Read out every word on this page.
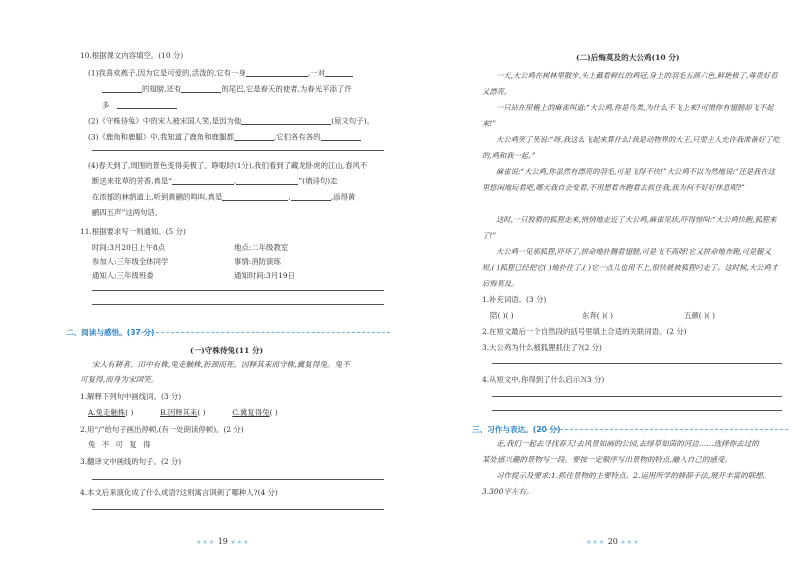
10.根据课文内容填空。(10 分)
(1)我喜欢燕子,因为它是可爱的,活泼的,它有一身	,一对
的翅膀,还有	的尾巴,它是春天的使者,为春光平添了许
多
(2)《守株待兔》中的宋人被宋国人笑,是因为他	(原文句子)。
(3)《鹿角和鹿腿》中,我知道了鹿角和鹿腿都	,它们各有各的
(4)春天到了,周围的景色变得美极了。睁眼时(1分),我们看到了藏龙卧虎的江山,春风不
断送来花草的芳香,真是“	,	”(填诗句)走
在浓郁的林荫道上,听到黄鹂的鸣叫,真是	,	,添得黄
鹂四五声”这两句话。
11.根据要求写一则通知。(5 分)
时间:3月20日上午8点	地点:二年级教室
参加人:三年级全体同学	事情:消防演练
通知人:三年级班委	通知时间:3月19日
二、阅读与感悟。(37 分)
(一)守株待兔(11 分)
宋人有耕者。田中有株,兔走触株,折颈而死。因释其耒而守株,冀复得兔。兔不
可复得,而身为宋国笑。
1.解释下列句中画线词。(3 分)
A.兔走触株( )	B.因释其耒( )	C.冀复得兔( )
2.用“/”给句子画出停顿,(有一处朗读停顿)。(2 分)
兔 不 可 复 得
3.翻译文中画线的句子。(2 分)
4.本文后来演化成了什么成语?这则寓言讽刺了哪种人?(4 分)
★★★ 19 ★★★
(二)后悔莫及的大公鸡(10 分)
一天,大公鸡在树林里散步,头上戴着鲜红的鸡冠,身上的羽毛五颜六色,鲜艳极了,尊贵好看又漂亮。
一只站在屋檐上的麻雀叫道:“大公鸡,你是鸟类,为什么不飞上来?可惜你有翅膀却飞不起来!”
大公鸡笑了笑说:“呀,我这么飞起来算什么!我是动物界的大王,只要主人允许我准备好了吃的,鸡和我一起。”
麻雀说:“大公鸡,你虽然有漂亮的羽毛,可是飞得不快!”大公鸡不以为然地说:“还是我在这里悠闲地玩着吧,哪天我自会变着,不用想着奔跑着去抓住我,我为何不好好休息呢?”
这时,一只狡猾的狐狸走来,悄悄地走近了大公鸡,麻雀见状,吓得惊叫:“大公鸡快跑,狐狸来了!”
大公鸡一见那狐狸,吓坏了,拼命地扑腾着翅膀,可是飞不高呀!它又拼命地奔跑,可是腿又短,( )狐狸已经把它( )地扑住了,( )它一点儿也用不上,很快就被狐狸叼走了。这时候,大公鸡才后悔莫及。
1.补充词语。(3 分)
陪( )( )	东奔( )( )	五颜( )( )
2.在短文最后一个自然段的括号里填上合适的关联词语。(2 分)
3.大公鸡为什么被狐狸抓住了?(2 分)
4.从短文中,你得到了什么启示?(3 分)
三、习作与表达。(20 分)
走,我们一起去寻找春天!去风景如画的公园,去绿草如茵的河边……选择你去过的
某处感兴趣的景物写一段。要按一定顺序写出景物的特点,融入自己的感受。
习作提示及要求:1.抓住景物的主要特点。2.运用所学的修辞手法,展开丰富的联想。
3.300字左右。
★★★ 20 ★★★
